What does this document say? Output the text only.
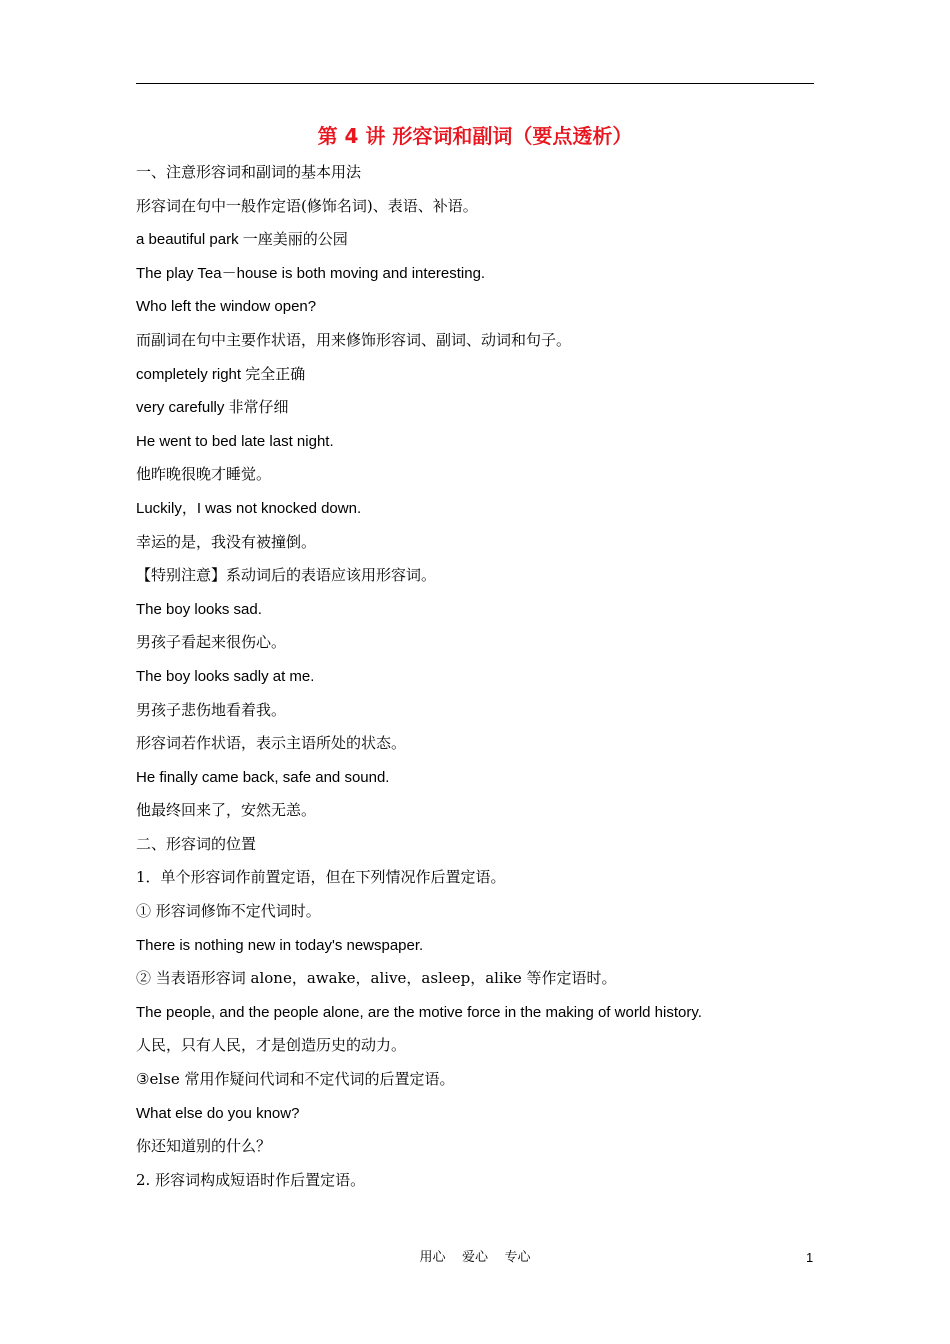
第 4 讲 形容词和副词（要点透析）
一、注意形容词和副词的基本用法
形容词在句中一般作定语(修饰名词)、表语、补语。
a beautiful park 一座美丽的公园
The play Tea－house is both moving and interesting.
Who left the window open?
而副词在句中主要作状语，用来修饰形容词、副词、动词和句子。
completely right 完全正确
very carefully 非常仔细
He went to bed late last night.
他昨晚很晚才睡觉。
Luckily，I was not knocked down.
幸运的是，我没有被撞倒。
【特别注意】系动词后的表语应该用形容词。
The boy looks sad.
男孩子看起来很伤心。
The boy looks sadly at me.
男孩子悲伤地看着我。
形容词若作状语，表示主语所处的状态。
He finally came back, safe and sound.
他最终回来了，安然无恙。
二、形容词的位置
1．单个形容词作前置定语，但在下列情况作后置定语。
① 形容词修饰不定代词时。
There is nothing new in today's newspaper.
② 当表语形容词 alone，awake，alive，asleep，alike 等作定语时。
The people, and the people alone, are the motive force in the making of world history.
人民，只有人民，才是创造历史的动力。
③else 常用作疑问代词和不定代词的后置定语。
What else do you know?
你还知道别的什么？
2. 形容词构成短语时作后置定语。
用心    爱心    专心	1
